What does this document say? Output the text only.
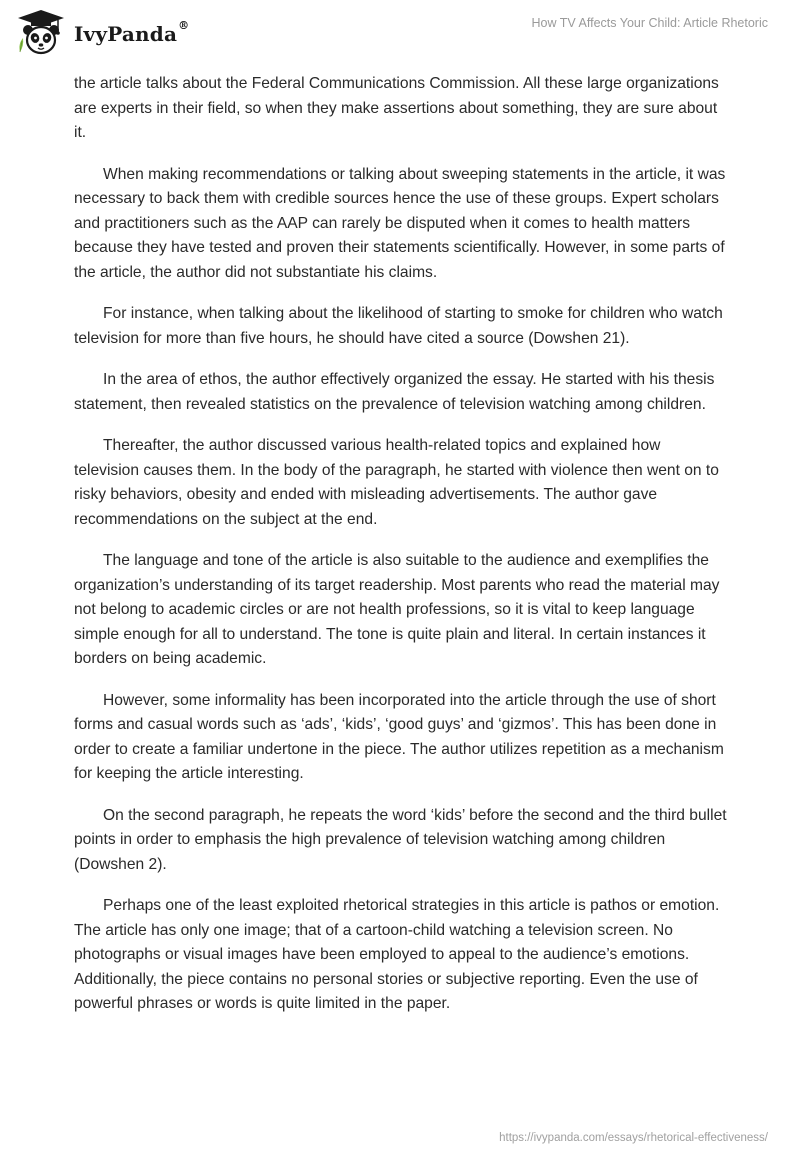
IvyPanda®	How TV Affects Your Child: Article Rhetoric

the article talks about the Federal Communications Commission. All these large organizations are experts in their field, so when they make assertions about something, they are sure about it.

When making recommendations or talking about sweeping statements in the article, it was necessary to back them with credible sources hence the use of these groups. Expert scholars and practitioners such as the AAP can rarely be disputed when it comes to health matters because they have tested and proven their statements scientifically. However, in some parts of the article, the author did not substantiate his claims.

For instance, when talking about the likelihood of starting to smoke for children who watch television for more than five hours, he should have cited a source (Dowshen 21).

In the area of ethos, the author effectively organized the essay. He started with his thesis statement, then revealed statistics on the prevalence of television watching among children.

Thereafter, the author discussed various health-related topics and explained how television causes them. In the body of the paragraph, he started with violence then went on to risky behaviors, obesity and ended with misleading advertisements. The author gave recommendations on the subject at the end.

The language and tone of the article is also suitable to the audience and exemplifies the organization’s understanding of its target readership. Most parents who read the material may not belong to academic circles or are not health professions, so it is vital to keep language simple enough for all to understand. The tone is quite plain and literal. In certain instances it borders on being academic.

However, some informality has been incorporated into the article through the use of short forms and casual words such as ‘ads’, ‘kids’, ‘good guys’ and ‘gizmos’. This has been done in order to create a familiar undertone in the piece. The author utilizes repetition as a mechanism for keeping the article interesting.

On the second paragraph, he repeats the word ‘kids’ before the second and the third bullet points in order to emphasis the high prevalence of television watching among children (Dowshen 2).

Perhaps one of the least exploited rhetorical strategies in this article is pathos or emotion. The article has only one image; that of a cartoon-child watching a television screen. No photographs or visual images have been employed to appeal to the audience’s emotions. Additionally, the piece contains no personal stories or subjective reporting. Even the use of powerful phrases or words is quite limited in the paper.

https://ivypanda.com/essays/rhetorical-effectiveness/
